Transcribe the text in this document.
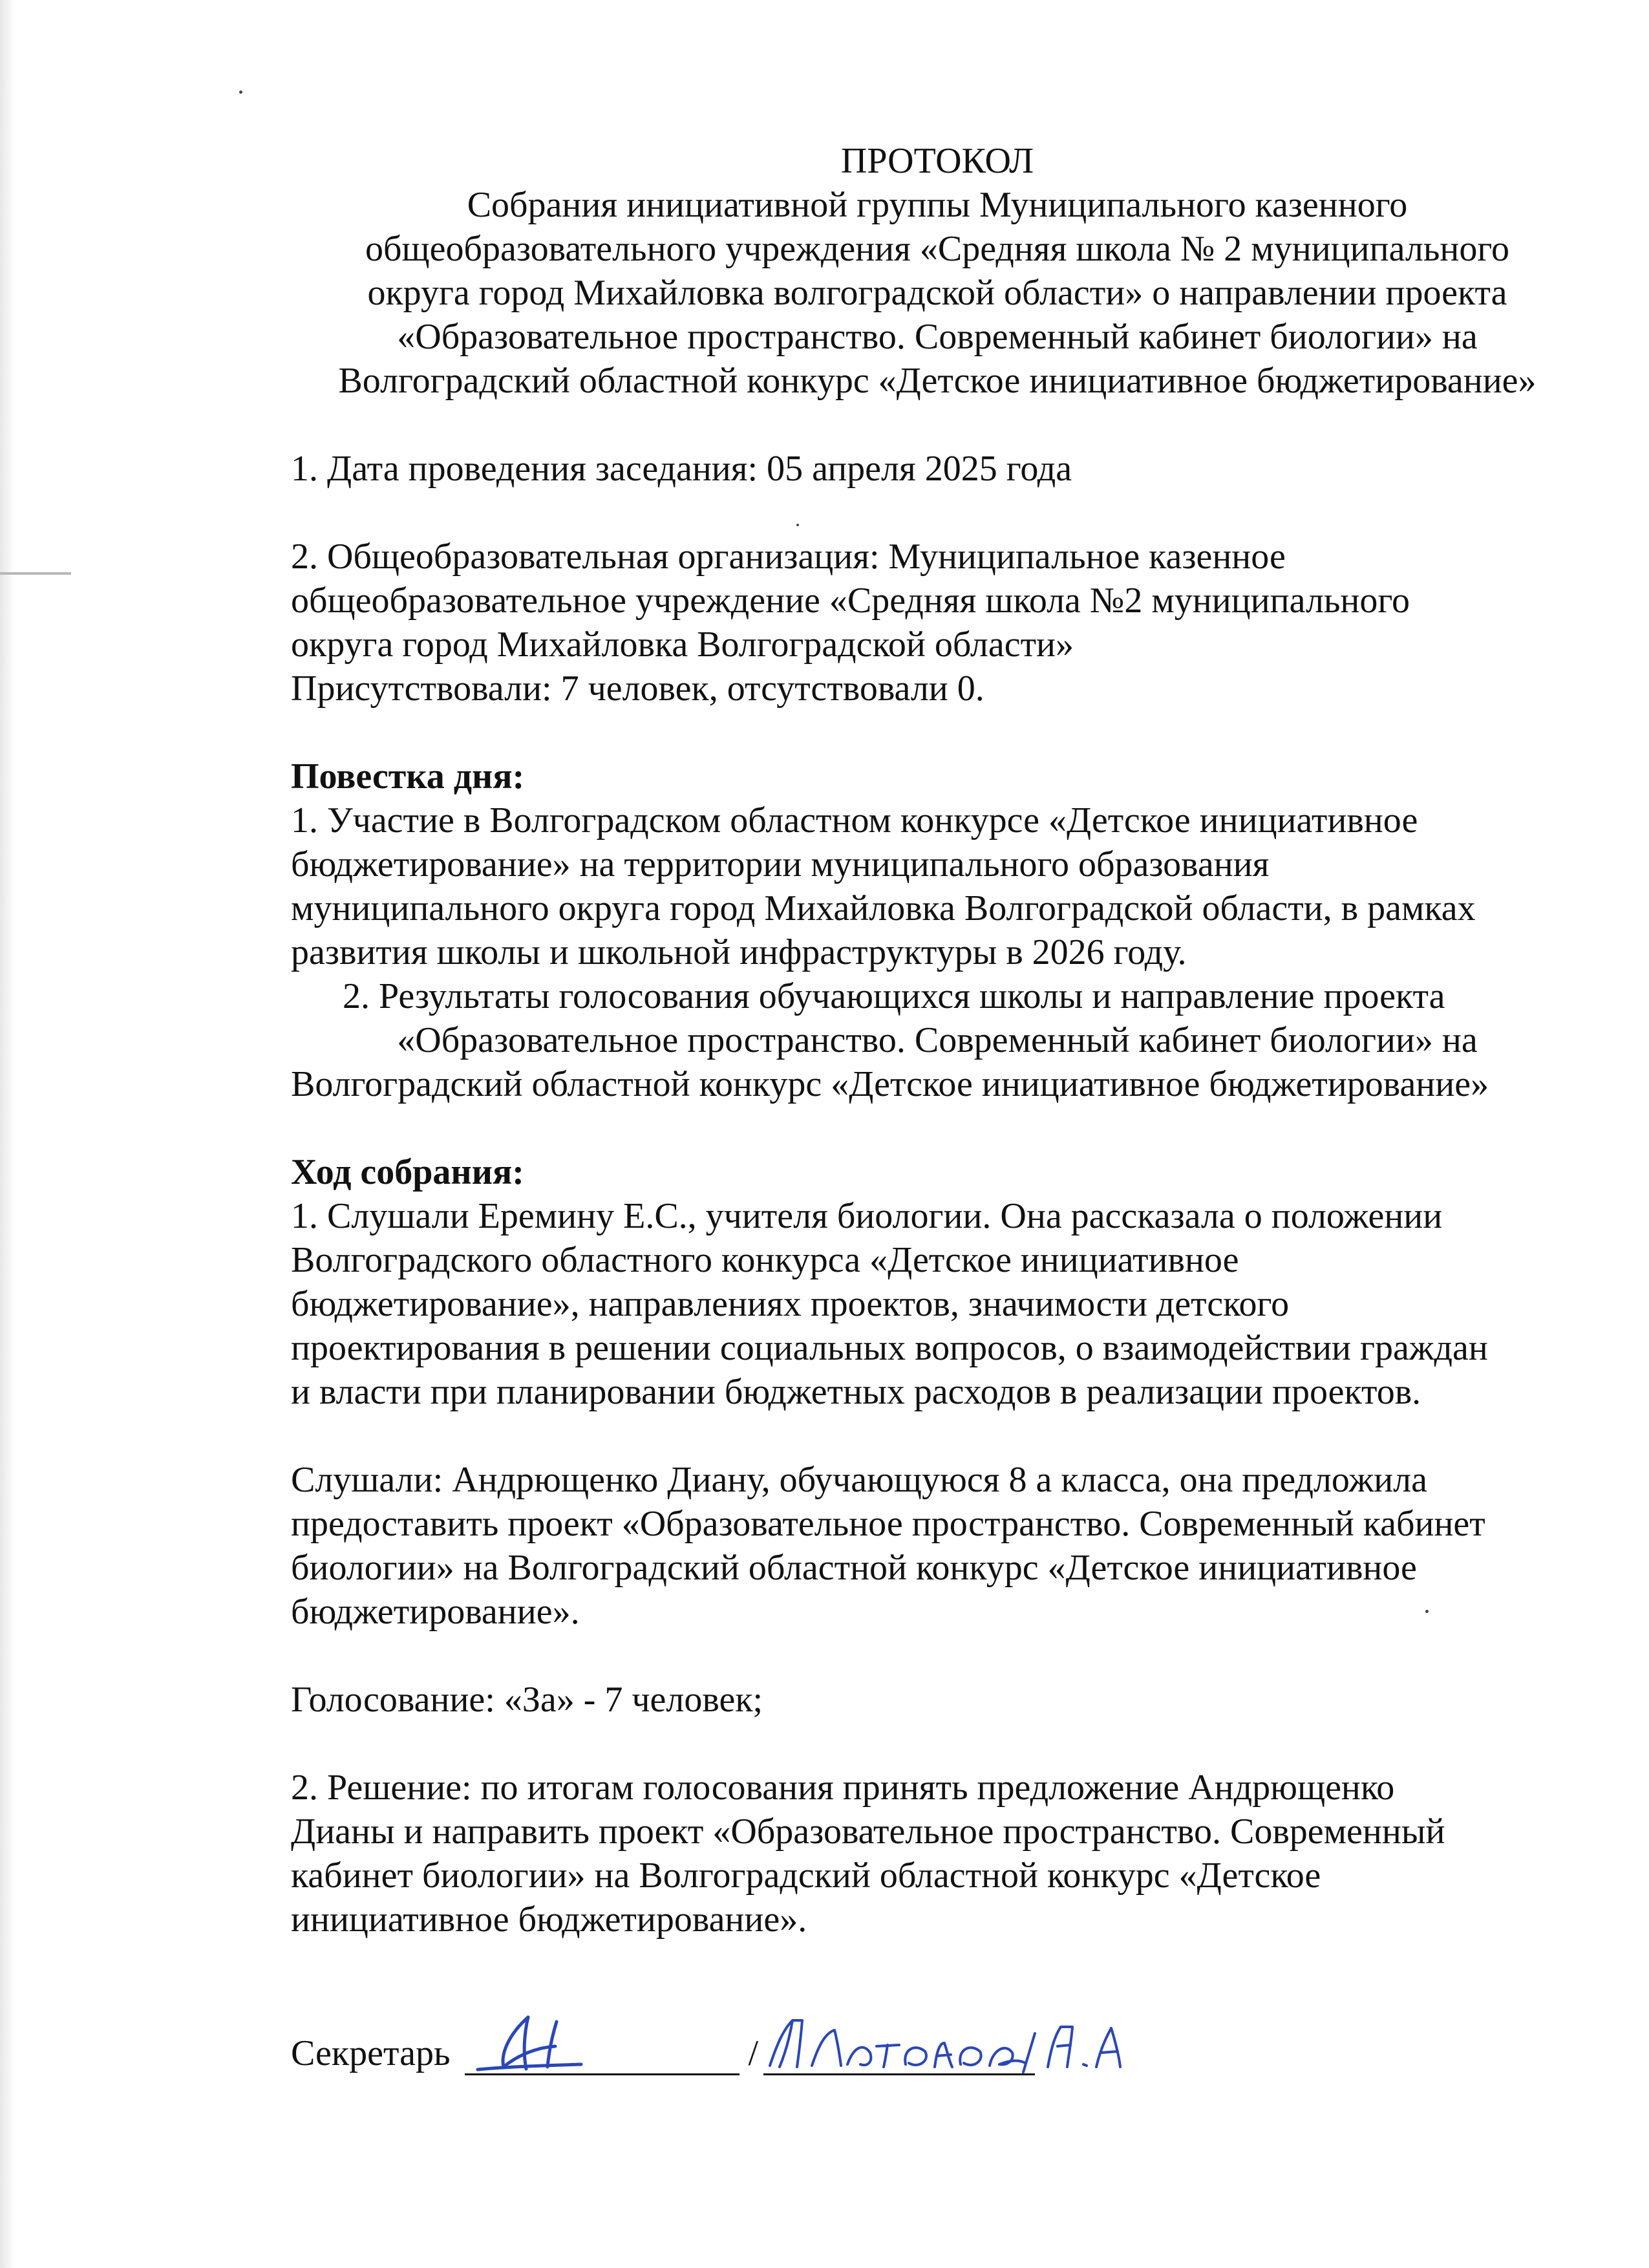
ПРОТОКОЛ
Собрания инициативной группы Муниципального казенного
общеобразовательного учреждения «Средняя школа № 2 муниципального
округа город Михайловка волгоградской области» о направлении проекта
«Образовательное пространство. Современный кабинет биологии» на
Волгоградский областной конкурс «Детское инициативное бюджетирование»
1. Дата проведения заседания: 05 апреля 2025 года
2. Общеобразовательная организация: Муниципальное казенное
общеобразовательное учреждение «Средняя школа №2 муниципального
округа город Михайловка Волгоградской области»
Присутствовали: 7 человек, отсутствовали 0.
Повестка дня:
1. Участие в Волгоградском областном конкурсе «Детское инициативное
бюджетирование» на территории муниципального образования
муниципального округа город Михайловка Волгоградской области, в рамках
развития школы и школьной инфраструктуры в 2026 году.
2. Результаты голосования обучающихся школы и направление проекта
«Образовательное пространство. Современный кабинет биологии» на
Волгоградский областной конкурс «Детское инициативное бюджетирование»
Ход собрания:
1. Слушали Еремину Е.С., учителя биологии. Она рассказала о положении
Волгоградского областного конкурса «Детское инициативное
бюджетирование», направлениях проектов, значимости детского
проектирования в решении социальных вопросов, о взаимодействии граждан
и власти при планировании бюджетных расходов в реализации проектов.
Слушали: Андрющенко Диану, обучающуюся 8 а класса, она предложила
предоставить проект «Образовательное пространство. Современный кабинет
биологии» на Волгоградский областной конкурс «Детское инициативное
бюджетирование».
Голосование: «За» - 7 человек;
2. Решение: по итогам голосования принять предложение Андрющенко
Дианы и направить проект «Образовательное пространство. Современный
кабинет биологии» на Волгоградский областной конкурс «Детское
инициативное бюджетирование».
Секретарь	/
